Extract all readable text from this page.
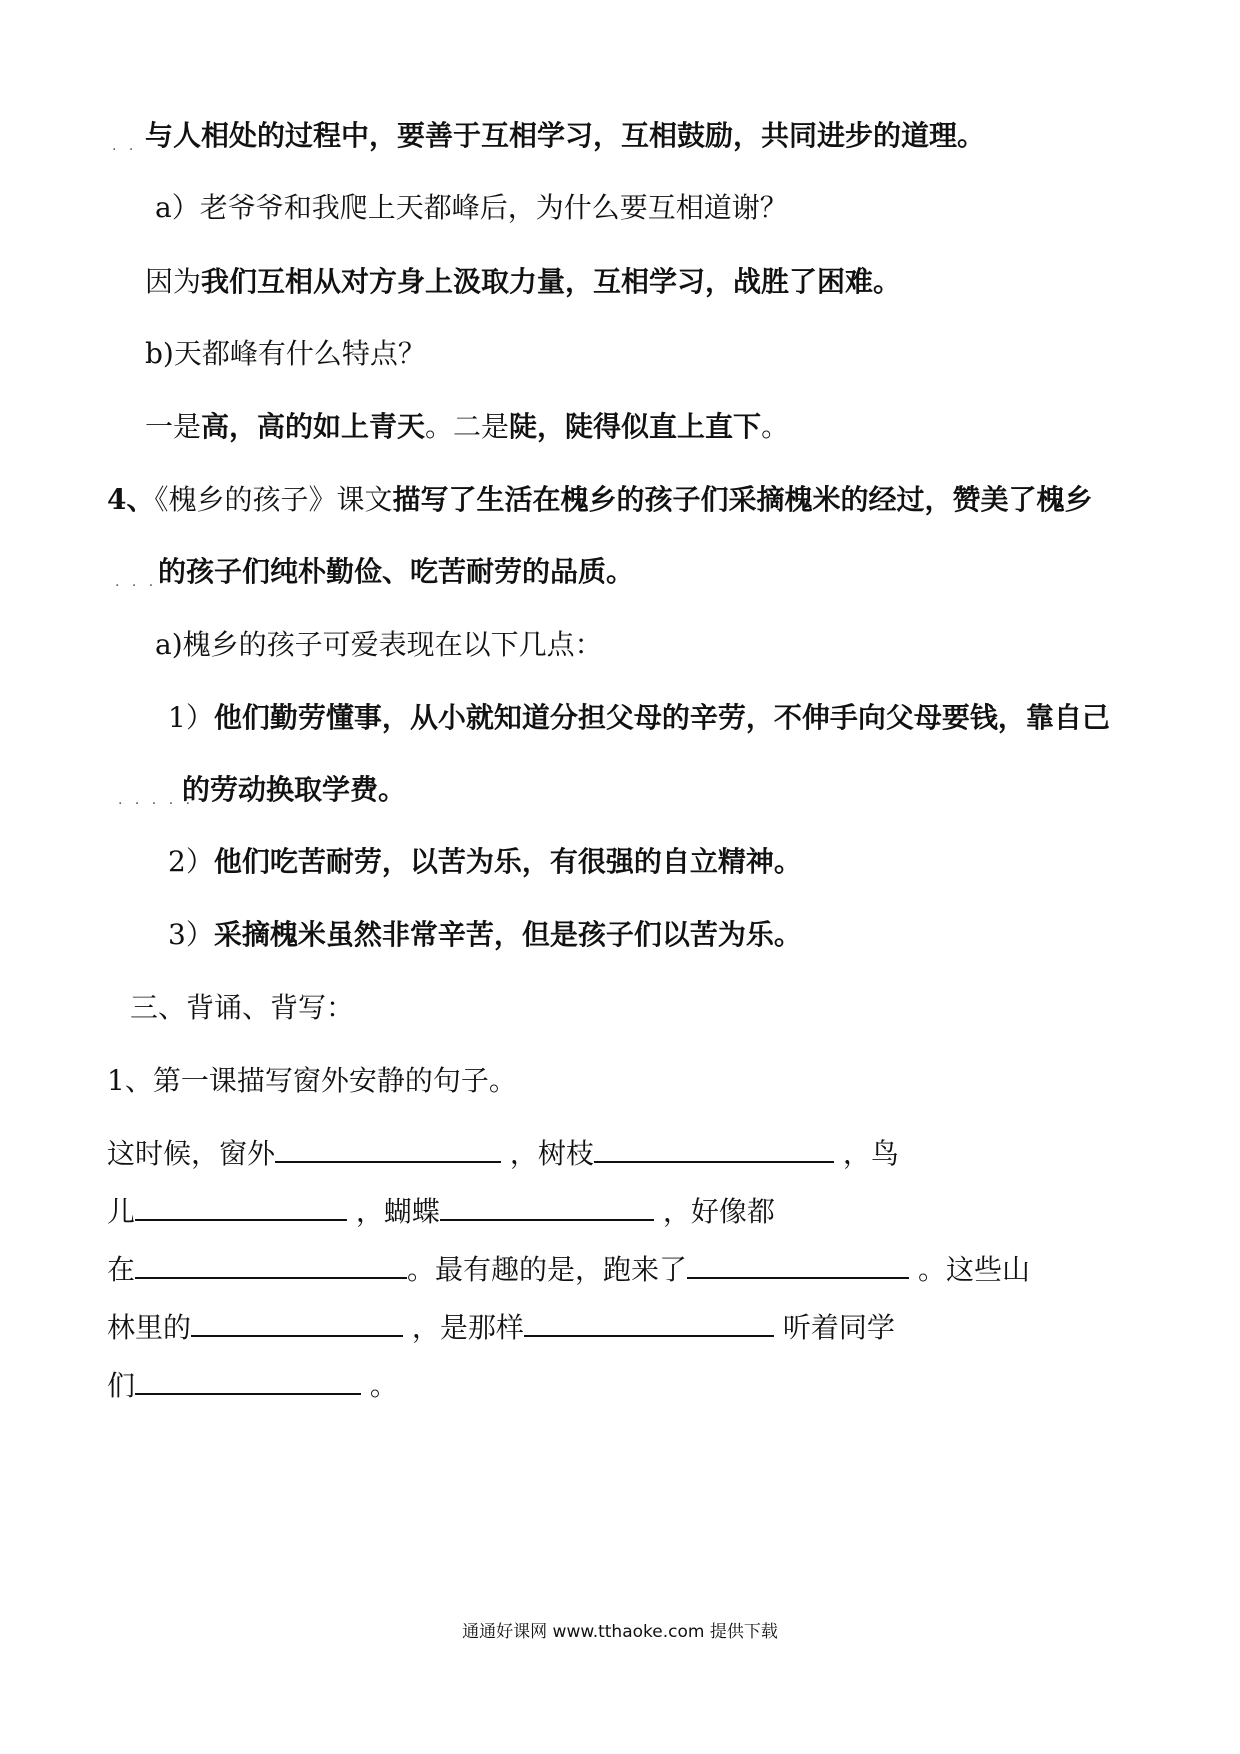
. . 与人相处的过程中，要善于互相学习，互相鼓励，共同进步的道理。
a）老爷爷和我爬上天都峰后，为什么要互相道谢？
因为我们互相从对方身上汲取力量，互相学习，战胜了困难。
b)天都峰有什么特点？
一是高，高的如上青天。二是陡，陡得似直上直下。
4、《槐乡的孩子》课文描写了生活在槐乡的孩子们采摘槐米的经过，赞美了槐乡
. . . 的孩子们纯朴勤俭、吃苦耐劳的品质。
a)槐乡的孩子可爱表现在以下几点：
1）他们勤劳懂事，从小就知道分担父母的辛劳，不伸手向父母要钱，靠自己
. . . . .
的劳动换取学费。
2）他们吃苦耐劳，以苦为乐，有很强的自立精神。
3）采摘槐米虽然非常辛苦，但是孩子们以苦为乐。
三、背诵、背写：
1、第一课描写窗外安静的句子。
这时候，窗外	，树枝	，鸟
儿	，蝴蝶	，好像都
在	。最有趣的是，跑来了	。这些山
林里的	，是那样	听着同学
们	。
通通好课网 www.tthaoke.com 提供下载
